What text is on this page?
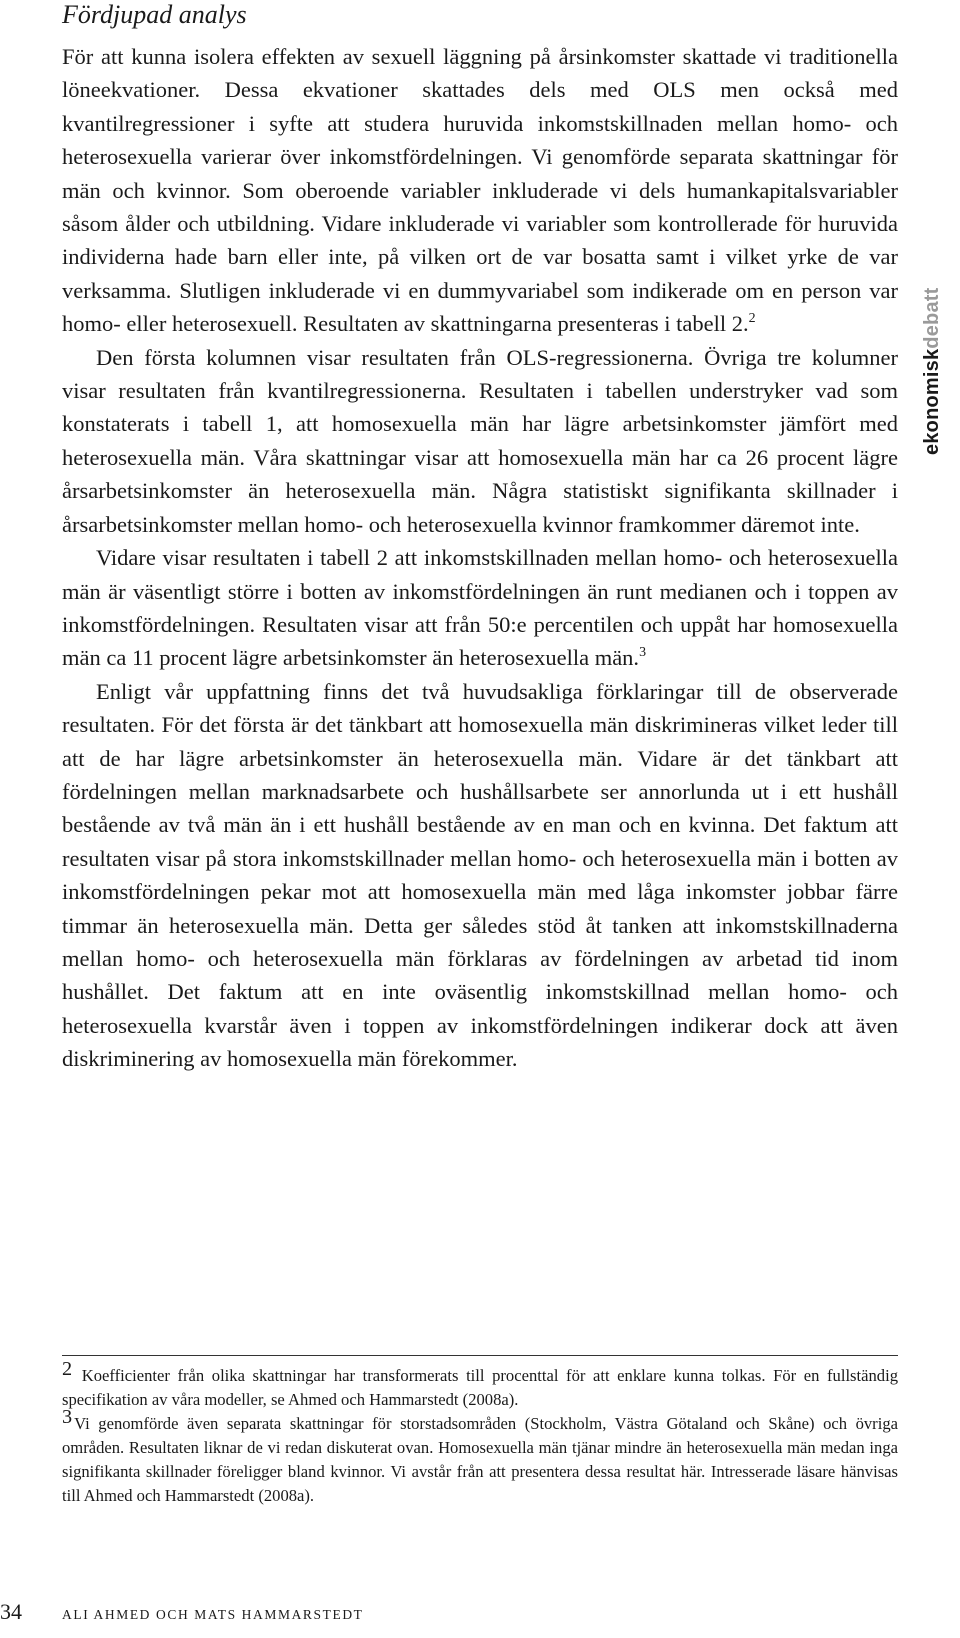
Fördjupad analys

För att kunna isolera effekten av sexuell läggning på årsinkomster skattade vi traditionella löneekvationer. Dessa ekvationer skattades dels med OLS men också med kvantilregressioner i syfte att studera huruvida inkomstskillnaden mellan homo- och heterosexuella varierar över inkomstfördelningen. Vi genomförde separata skattningar för män och kvinnor. Som oberoende variabler inkluderade vi dels humankapitalsvariabler såsom ålder och utbildning. Vidare inkluderade vi variabler som kontrollerade för huruvida individerna hade barn eller inte, på vilken ort de var bosatta samt i vilket yrke de var verksamma. Slutligen inkluderade vi en dummyvariabel som indikerade om en person var homo- eller heterosexuell. Resultaten av skattningarna presenteras i tabell 2.$^2$

Den första kolumnen visar resultaten från OLS-regressionerna. Övriga tre kolumner visar resultaten från kvantilregressionerna. Resultaten i tabellen understryker vad som konstaterats i tabell 1, att homosexuella män har lägre arbetsinkomster jämfört med heterosexuella män. Våra skattningar visar att homosexuella män har ca 26 procent lägre årsarbetsinkomster än heterosexuella män. Några statistiskt signifikanta skillnader i årsarbetsinkomster mellan homo- och heterosexuella kvinnor framkommer däremot inte.

Vidare visar resultaten i tabell 2 att inkomstskillnaden mellan homo- och heterosexuella män är väsentligt större i botten av inkomstfördelningen än runt medianen och i toppen av inkomstfördelningen. Resultaten visar att från 50:e percentilen och uppåt har homosexuella män ca 11 procent lägre arbetsinkomster än heterosexuella män.$^3$

Enligt vår uppfattning finns det två huvudsakliga förklaringar till de observerade resultaten. För det första är det tänkbart att homosexuella män diskrimineras vilket leder till att de har lägre arbetsinkomster än heterosexuella män. Vidare är det tänkbart att fördelningen mellan marknadsarbete och hushållsarbete ser annorlunda ut i ett hushåll bestående av två män än i ett hushåll bestående av en man och en kvinna. Det faktum att resultaten visar på stora inkomstskillnader mellan homo- och heterosexuella män i botten av inkomstfördelningen pekar mot att homosexuella män med låga inkomster jobbar färre timmar än heterosexuella män. Detta ger således stöd åt tanken att inkomstskillnaderna mellan homo- och heterosexuella män förklaras av fördelningen av arbetad tid inom hushållet. Det faktum att en inte oväsentlig inkomstskillnad mellan homo- och heterosexuella kvarstår även i toppen av inkomstfördelningen indikerar dock att även diskriminering av homosexuella män förekommer.

$^2$ Koefficienter från olika skattningar har transformerats till procenttal för att enklare kunna tolkas. För en fullständig specifikation av våra modeller, se Ahmed och Hammarstedt (2008a).

$^3$ Vi genomförde även separata skattningar för storstadsområden (Stockholm, Västra Götaland och Skåne) och övriga områden. Resultaten liknar de vi redan diskuterat ovan. Homosexuella män tjänar mindre än heterosexuella män medan inga signifikanta skillnader föreligger bland kvinnor. Vi avstår från att presentera dessa resultat här. Intresserade läsare hänvisas till Ahmed och Hammarstedt (2008a).

ekonomiskdebatt
34	ALI AHMED OCH MATS HAMMARSTEDT
